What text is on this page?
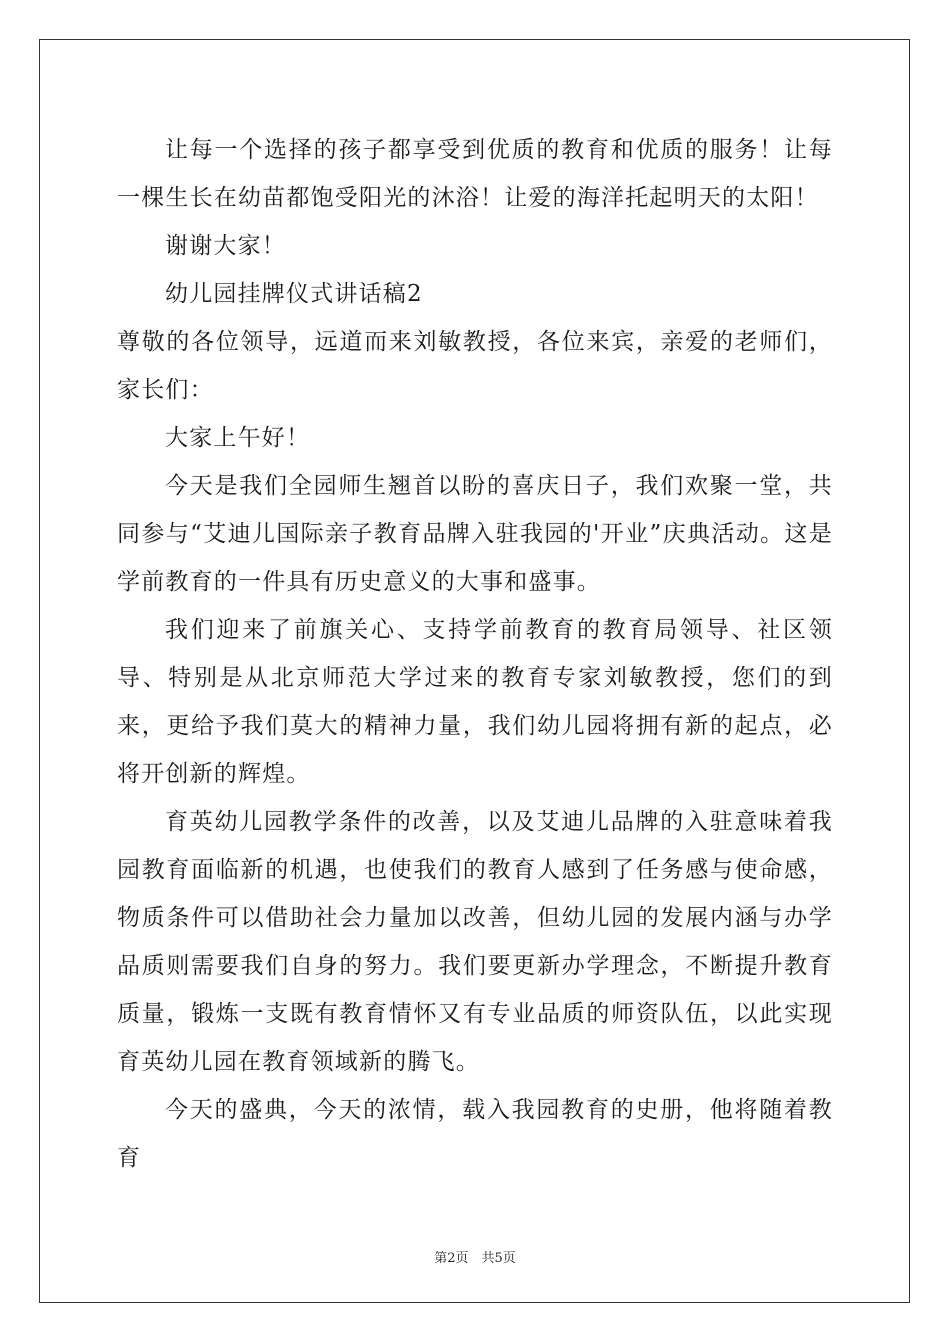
让每一个选择的孩子都享受到优质的教育和优质的服务！让每一棵生长在幼苗都饱受阳光的沐浴！让爱的海洋托起明天的太阳！

谢谢大家！

幼儿园挂牌仪式讲话稿2

尊敬的各位领导，远道而来刘敏教授，各位来宾，亲爱的老师们，家长们：

大家上午好！

今天是我们全园师生翘首以盼的喜庆日子，我们欢聚一堂，共同参与“艾迪儿国际亲子教育品牌入驻我园的'开业”庆典活动。这是学前教育的一件具有历史意义的大事和盛事。

我们迎来了前旗关心、支持学前教育的教育局领导、社区领导、特别是从北京师范大学过来的教育专家刘敏教授，您们的到来，更给予我们莫大的精神力量，我们幼儿园将拥有新的起点，必将开创新的辉煌。

育英幼儿园教学条件的改善，以及艾迪儿品牌的入驻意味着我园教育面临新的机遇，也使我们的教育人感到了任务感与使命感，物质条件可以借助社会力量加以改善，但幼儿园的发展内涵与办学品质则需要我们自身的努力。我们要更新办学理念，不断提升教育质量，锻炼一支既有教育情怀又有专业品质的师资队伍，以此实现育英幼儿园在教育领域新的腾飞。

今天的盛典，今天的浓情，载入我园教育的史册，他将随着教育

第2页　共5页
